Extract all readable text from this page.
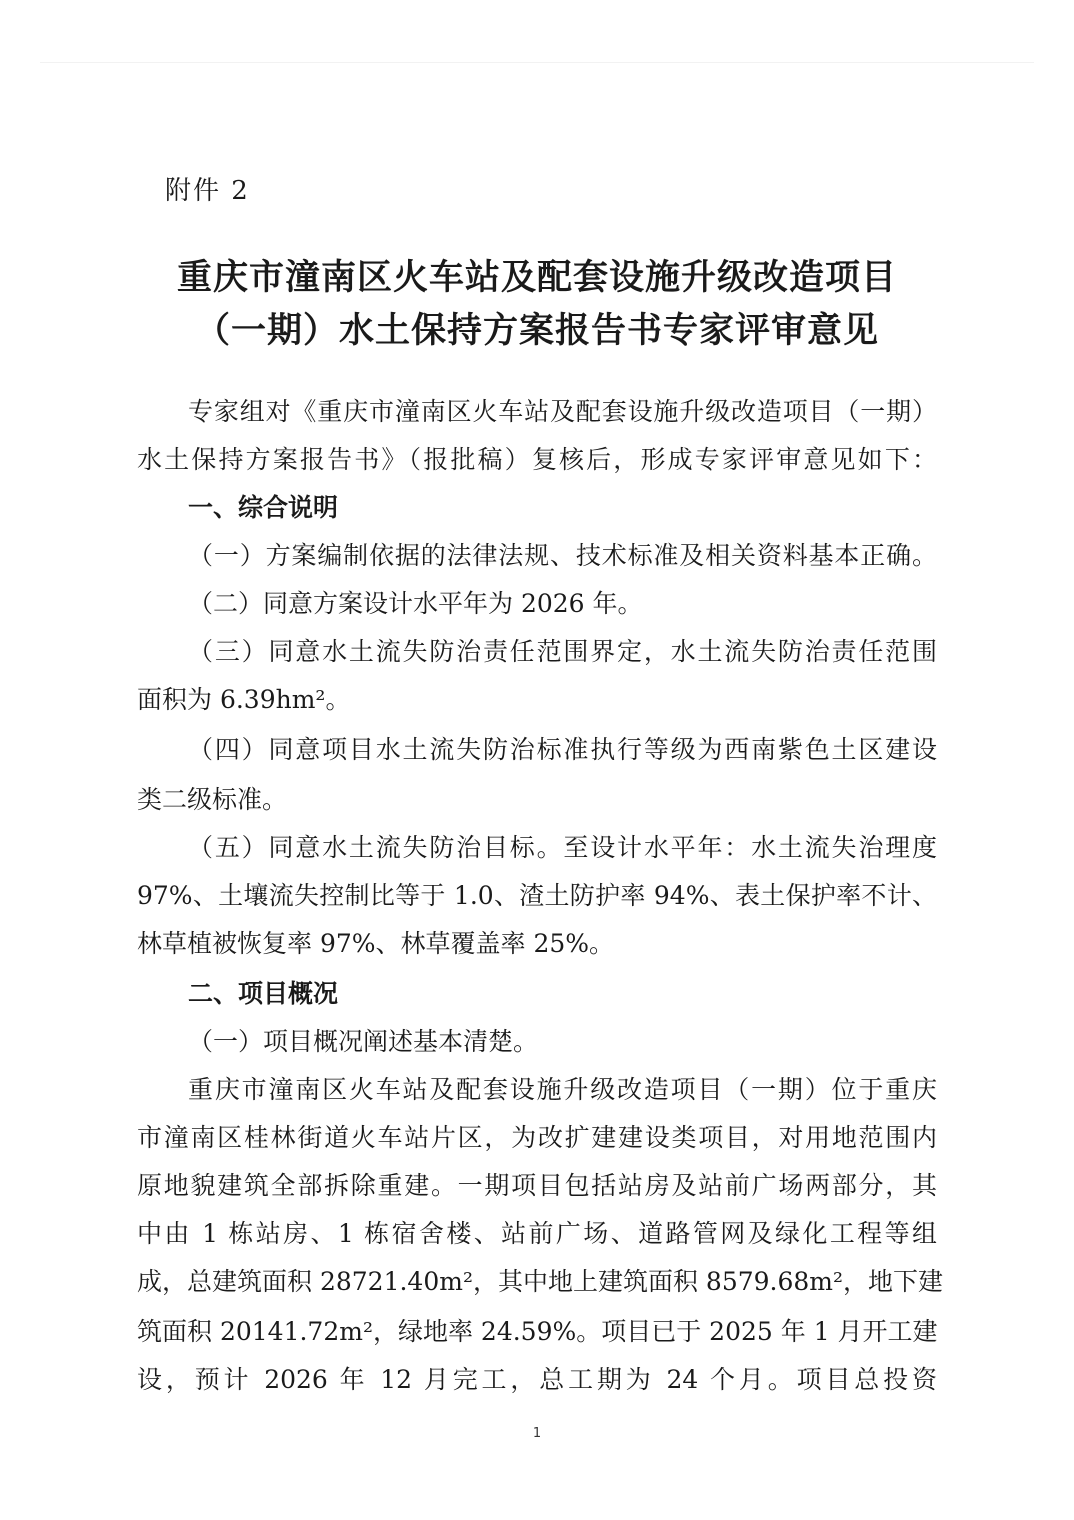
附件 2
重庆市潼南区火车站及配套设施升级改造项目
（一期）水土保持方案报告书专家评审意见
专家组对《重庆市潼南区火车站及配套设施升级改造项目（一期）
水土保持方案报告书》（报批稿）复核后，形成专家评审意见如下：
一、综合说明
（一）方案编制依据的法律法规、技术标准及相关资料基本正确。
（二）同意方案设计水平年为 2026 年。
（三）同意水土流失防治责任范围界定，水土流失防治责任范围
面积为 6.39hm²。
（四）同意项目水土流失防治标准执行等级为西南紫色土区建设
类二级标准。
（五）同意水土流失防治目标。至设计水平年：水土流失治理度
97%、土壤流失控制比等于 1.0、渣土防护率 94%、表土保护率不计、
林草植被恢复率 97%、林草覆盖率 25%。
二、项目概况
（一）项目概况阐述基本清楚。
重庆市潼南区火车站及配套设施升级改造项目（一期）位于重庆
市潼南区桂林街道火车站片区，为改扩建建设类项目，对用地范围内
原地貌建筑全部拆除重建。一期项目包括站房及站前广场两部分，其
中由 1 栋站房、1 栋宿舍楼、站前广场、道路管网及绿化工程等组
成，总建筑面积 28721.40m²，其中地上建筑面积 8579.68m²，地下建
筑面积 20141.72m²，绿地率 24.59%。项目已于 2025 年 1 月开工建
设，预计 2026 年 12 月完工，总工期为 24 个月。项目总投资
1
